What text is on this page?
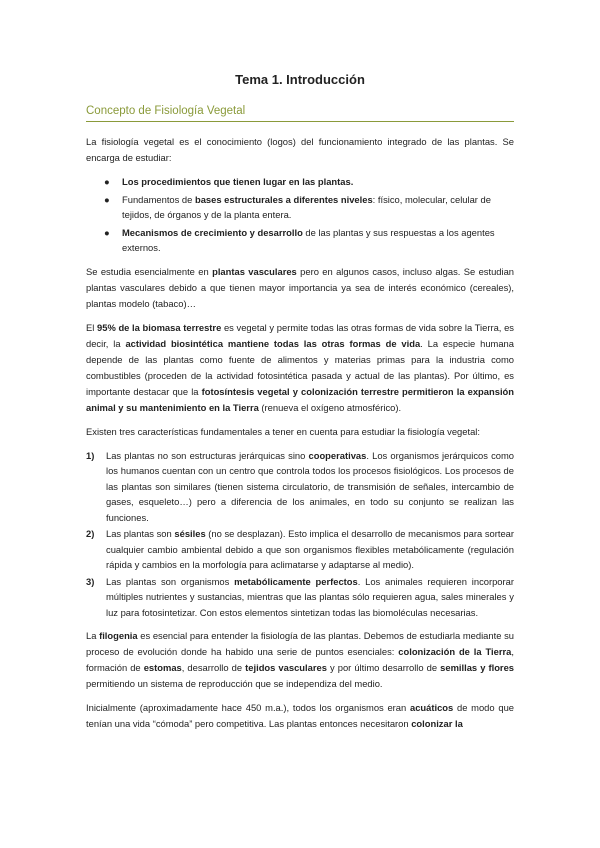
Tema 1. Introducción
Concepto de Fisiología Vegetal

La fisiología vegetal es el conocimiento (logos) del funcionamiento integrado de las plantas. Se encarga de estudiar:

● Los procedimientos que tienen lugar en las plantas.
● Fundamentos de bases estructurales a diferentes niveles: físico, molecular, celular de tejidos, de órganos y de la planta entera.
● Mecanismos de crecimiento y desarrollo de las plantas y sus respuestas a los agentes externos.

Se estudia esencialmente en plantas vasculares pero en algunos casos, incluso algas. Se estudian plantas vasculares debido a que tienen mayor importancia ya sea de interés económico (cereales), plantas modelo (tabaco)…

El 95% de la biomasa terrestre es vegetal y permite todas las otras formas de vida sobre la Tierra, es decir, la actividad biosintética mantiene todas las otras formas de vida. La especie humana depende de las plantas como fuente de alimentos y materias primas para la industria como combustibles (proceden de la actividad fotosintética pasada y actual de las plantas). Por último, es importante destacar que la fotosíntesis vegetal y colonización terrestre permitieron la expansión animal y su mantenimiento en la Tierra (renueva el oxígeno atmosférico).

Existen tres características fundamentales a tener en cuenta para estudiar la fisiología vegetal:

1) Las plantas no son estructuras jerárquicas sino cooperativas. Los organismos jerárquicos como los humanos cuentan con un centro que controla todos los procesos fisiológicos. Los procesos de las plantas son similares (tienen sistema circulatorio, de transmisión de señales, intercambio de gases, esqueleto…) pero a diferencia de los animales, en todo su conjunto se realizan las funciones.
2) Las plantas son sésiles (no se desplazan). Esto implica el desarrollo de mecanismos para sortear cualquier cambio ambiental debido a que son organismos flexibles metabólicamente (regulación rápida y cambios en la morfología para aclimatarse y adaptarse al medio).
3) Las plantas son organismos metabólicamente perfectos. Los animales requieren incorporar múltiples nutrientes y sustancias, mientras que las plantas sólo requieren agua, sales minerales y luz para fotosintetizar. Con estos elementos sintetizan todas las biomoléculas necesarias.

La filogenia es esencial para entender la fisiología de las plantas. Debemos de estudiarla mediante su proceso de evolución donde ha habido una serie de puntos esenciales: colonización de la Tierra, formación de estomas, desarrollo de tejidos vasculares y por último desarrollo de semillas y flores permitiendo un sistema de reproducción que se independiza del medio.

Inicialmente (aproximadamente hace 450 m.a.), todos los organismos eran acuáticos de modo que tenían una vida “cómoda” pero competitiva. Las plantas entonces necesitaron colonizar la
